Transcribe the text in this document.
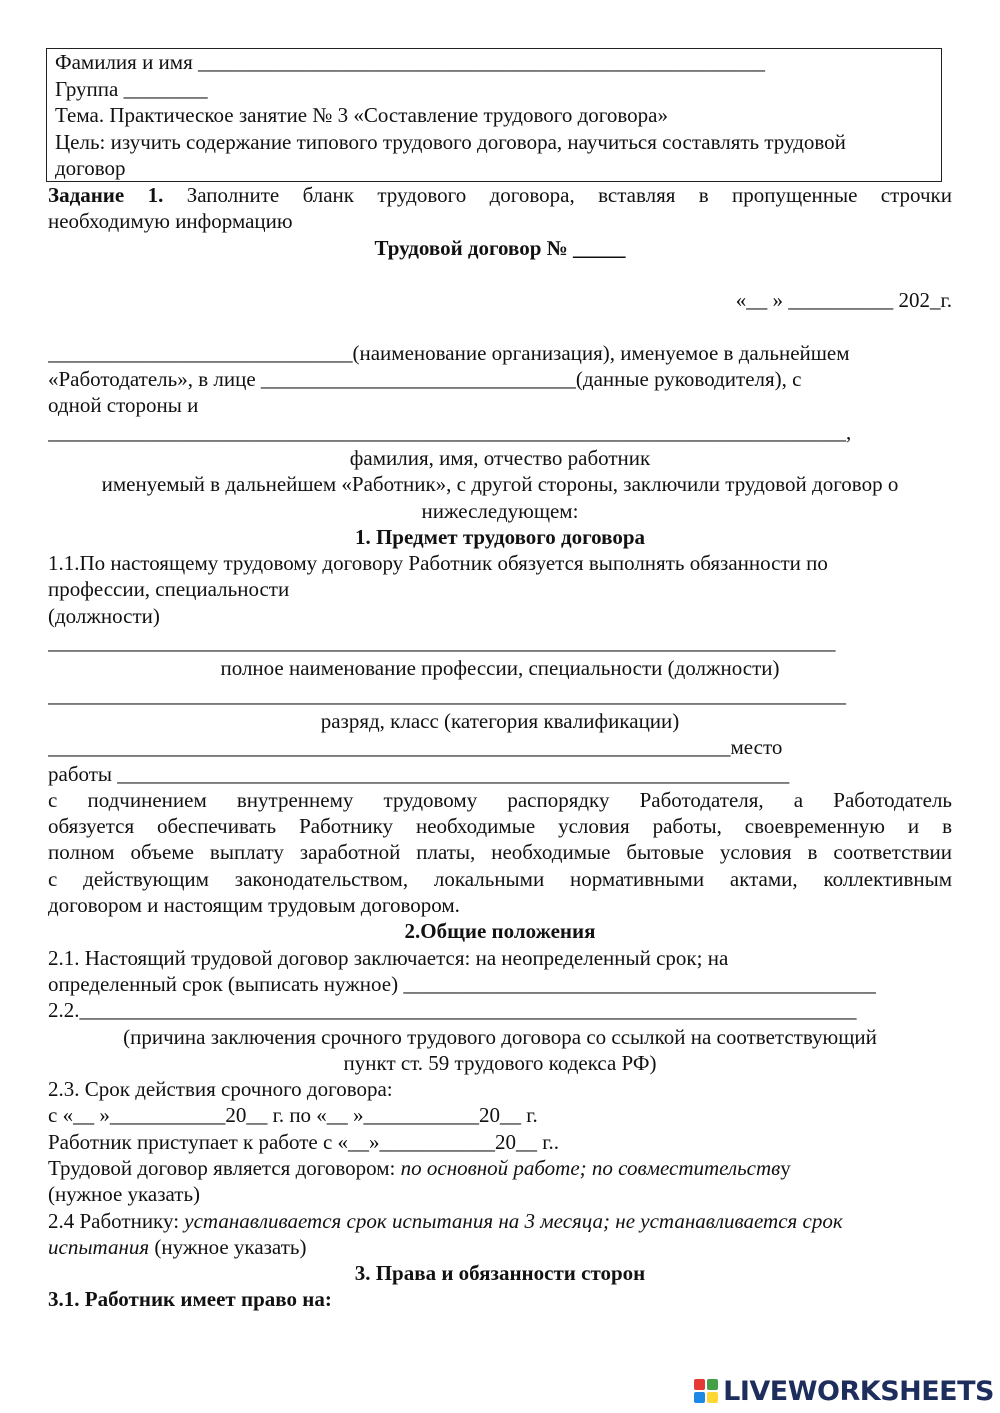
Фамилия и имя ______________________________________________________
Группа ________
Тема. Практическое занятие № 3 «Составление трудового договора»
Цель: изучить содержание типового трудового договора, научиться составлять трудовой
договор
Задание 1. Заполните бланк трудового договора, вставляя в пропущенные строчки
необходимую информацию
Трудовой договор № _____
«__ » __________ 202_г.
_____________________________(наименование организация), именуемое в дальнейшем
«Работодатель», в лице ______________________________(данные руководителя), с
одной стороны и
____________________________________________________________________________,
фамилия, имя, отчество работник
именуемый в дальнейшем «Работник», с другой стороны, заключили трудовой договор о
нижеследующем:
1. Предмет трудового договора
1.1.По настоящему трудовому договору Работник обязуется выполнять обязанности по
профессии, специальности
(должности)
___________________________________________________________________________
полное наименование профессии, специальности (должности)
____________________________________________________________________________
разряд, класс (категория квалификации)
_________________________________________________________________место
работы ________________________________________________________________
с подчинением внутреннему трудовому распорядку Работодателя, а Работодатель
обязуется обеспечивать Работнику необходимые условия работы, своевременную и в
полном объеме выплату заработной платы, необходимые бытовые условия в соответствии
с действующим законодательством, локальными нормативными актами, коллективным
договором и настоящим трудовым договором.
2.Общие положения
2.1. Настоящий трудовой договор заключается: на неопределенный срок; на
определенный срок (выписать нужное) _____________________________________________
2.2.__________________________________________________________________________
(причина заключения срочного трудового договора со ссылкой на соответствующий
пункт ст. 59 трудового кодекса РФ)
2.3. Срок действия срочного договора:
с «__ »___________20__ г. по «__ »___________20__ г.
Работник приступает к работе с «__»___________20__ г..
Трудовой договор является договором: по основной работе; по совместительству
(нужное указать)
2.4 Работнику: устанавливается срок испытания на 3 месяца; не устанавливается срок
испытания (нужное указать)
3. Права и обязанности сторон
3.1. Работник имеет право на:
LIVEWORKSHEETS
